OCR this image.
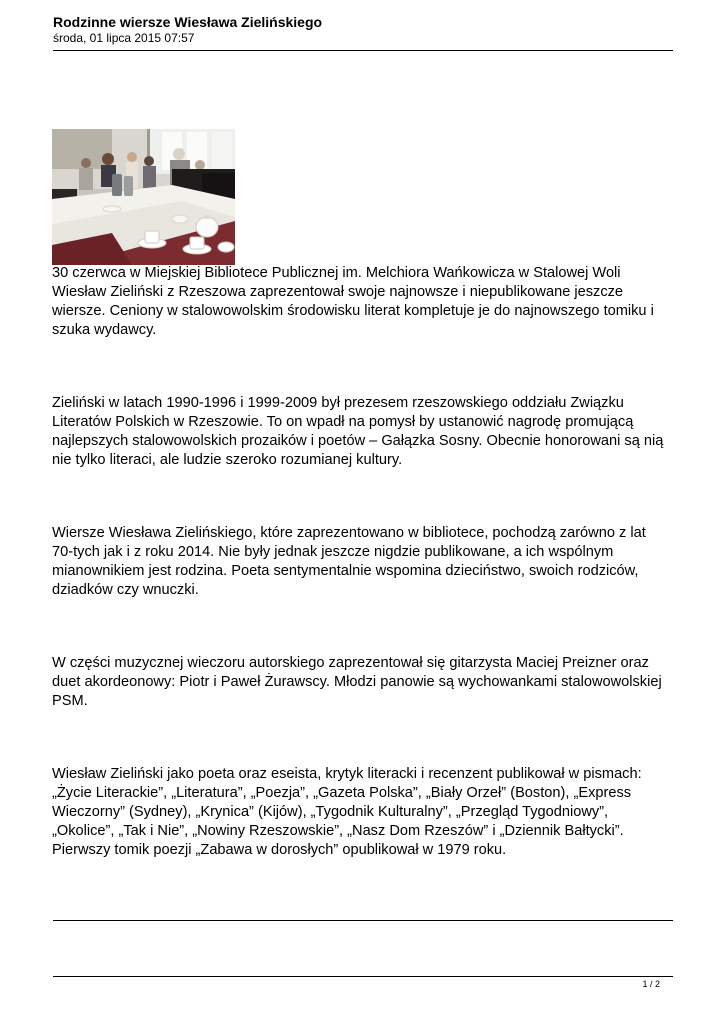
Rodzinne wiersze Wiesława Zielińskiego

środa, 01 lipca 2015 07:57

30 czerwca w Miejskiej Bibliotece Publicznej im. Melchiora Wańkowicza w Stalowej Woli
Wiesław Zieliński z Rzeszowa zaprezentował swoje najnowsze i niepublikowane jeszcze
wiersze. Ceniony w stalowowolskim środowisku literat kompletuje je do najnowszego tomiku i
szuka wydawcy.

Zieliński w latach 1990-1996 i 1999-2009 był prezesem rzeszowskiego oddziału Związku
Literatów Polskich w Rzeszowie. To on wpadł na pomysł by ustanowić nagrodę promującą
najlepszych stalowowolskich prozaików i poetów – Gałązka Sosny. Obecnie honorowani są nią
nie tylko literaci, ale ludzie szeroko rozumianej kultury.

Wiersze Wiesława Zielińskiego, które zaprezentowano w bibliotece, pochodzą zarówno z lat
70-tych jak i z roku 2014. Nie były jednak jeszcze nigdzie publikowane, a ich wspólnym
mianownikiem jest rodzina. Poeta sentymentalnie wspomina dzieciństwo, swoich rodziców,
dziadków czy wnuczki.

W części muzycznej wieczoru autorskiego zaprezentował się gitarzysta Maciej Preizner oraz
duet akordeonowy: Piotr i Paweł Żurawscy. Młodzi panowie są wychowankami stalowowolskiej
PSM.

Wiesław Zieliński jako poeta oraz eseista, krytyk literacki i recenzent publikował w pismach:
„Życie Literackie”, „Literatura”, „Poezja”, „Gazeta Polska”, „Biały Orzeł” (Boston), „Express
Wieczorny” (Sydney), „Krynica” (Kijów), „Tygodnik Kulturalny”, „Przegląd Tygodniowy”,
„Okolice”, „Tak i Nie”, „Nowiny Rzeszowskie”, „Nasz Dom Rzeszów” i „Dziennik Bałtycki”.
Pierwszy tomik poezji „Zabawa w dorosłych” opublikował w 1979 roku.

1 / 2
